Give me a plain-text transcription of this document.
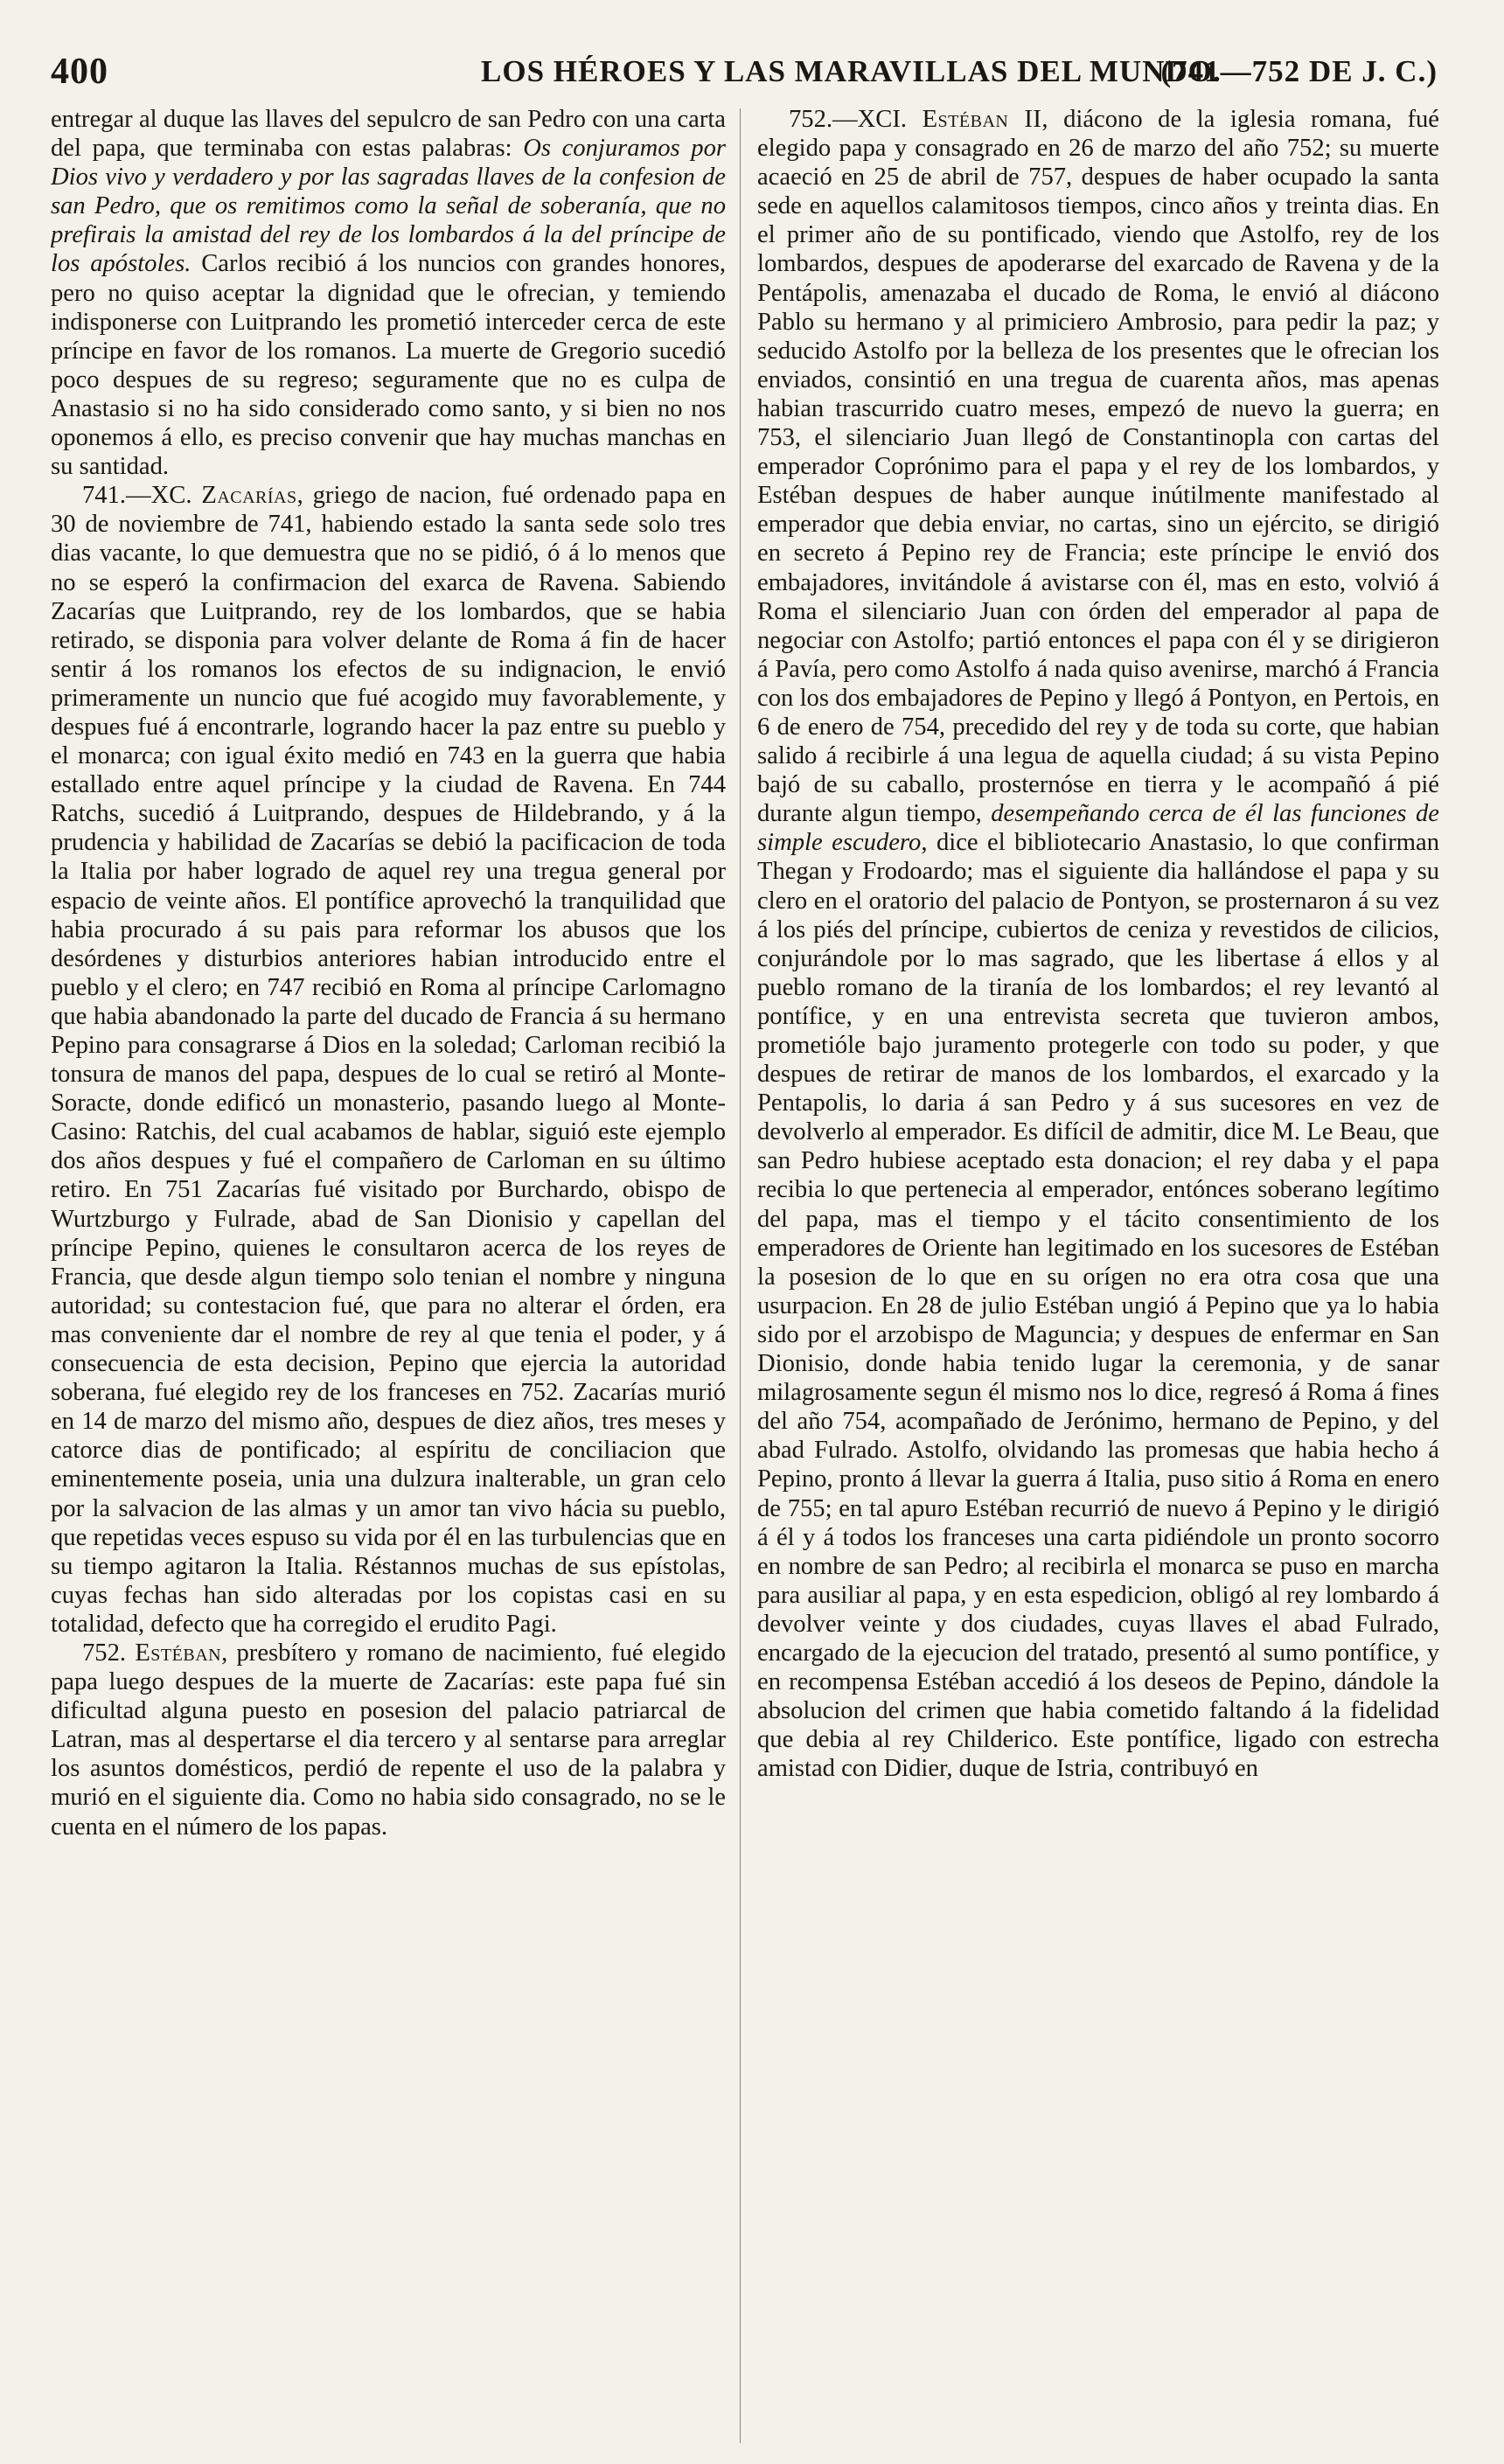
400	LOS HÉROES Y LAS MARAVILLAS DEL MUNDO.
(741—752 DE J. C.)

entregar al duque las llaves del sepulcro de san Pedro con una carta del papa, que terminaba con estas palabras: Os conjuramos por Dios vivo y verdadero y por las sagradas llaves de la confesion de san Pedro, que os remitimos como la señal de soberanía, que no prefirais la amistad del rey de los lombardos á la del príncipe de los apóstoles. Carlos recibió á los nuncios con grandes honores, pero no quiso aceptar la dignidad que le ofrecian, y temiendo indisponerse con Luitprando les prometió interceder cerca de este príncipe en favor de los romanos. La muerte de Gregorio sucedió poco despues de su regreso; seguramente que no es culpa de Anastasio si no ha sido considerado como santo, y si bien no nos oponemos á ello, es preciso convenir que hay muchas manchas en su santidad.

741.—XC. Zacarías, griego de nacion, fué ordenado papa en 30 de noviembre de 741, habiendo estado la santa sede solo tres dias vacante, lo que demuestra que no se pidió, ó á lo menos que no se esperó la confirmacion del exarca de Ravena. Sabiendo Zacarías que Luitprando, rey de los lombardos, que se habia retirado, se disponia para volver delante de Roma á fin de hacer sentir á los romanos los efectos de su indignacion, le envió primeramente un nuncio que fué acogido muy favorablemente, y despues fué á encontrarle, logrando hacer la paz entre su pueblo y el monarca; con igual éxito medió en 743 en la guerra que habia estallado entre aquel príncipe y la ciudad de Ravena. En 744 Ratchs, sucedió á Luitprando, despues de Hildebrando, y á la prudencia y habilidad de Zacarías se debió la pacificacion de toda la Italia por haber logrado de aquel rey una tregua general por espacio de veinte años. El pontífice aprovechó la tranquilidad que habia procurado á su pais para reformar los abusos que los desórdenes y disturbios anteriores habian introducido entre el pueblo y el clero; en 747 recibió en Roma al príncipe Carlomagno que habia abandonado la parte del ducado de Francia á su hermano Pepino para consagrarse á Dios en la soledad; Carloman recibió la tonsura de manos del papa, despues de lo cual se retiró al Monte-Soracte, donde edificó un monasterio, pasando luego al Monte-Casino: Ratchis, del cual acabamos de hablar, siguió este ejemplo dos años despues y fué el compañero de Carloman en su último retiro. En 751 Zacarías fué visitado por Burchardo, obispo de Wurtzburgo y Fulrade, abad de San Dionisio y capellan del príncipe Pepino, quienes le consultaron acerca de los reyes de Francia, que desde algun tiempo solo tenian el nombre y ninguna autoridad; su contestacion fué, que para no alterar el órden, era mas conveniente dar el nombre de rey al que tenia el poder, y á consecuencia de esta decision, Pepino que ejercia la autoridad soberana, fué elegido rey de los franceses en 752. Zacarías murió en 14 de marzo del mismo año, despues de diez años, tres meses y catorce dias de pontificado; al espíritu de conciliacion que eminentemente poseia, unia una dulzura inalterable, un gran celo por la salvacion de las almas y un amor tan vivo hácia su pueblo, que repetidas veces espuso su vida por él en las turbulencias que en su tiempo agitaron la Italia. Réstannos muchas de sus epístolas, cuyas fechas han sido alteradas por los copistas casi en su totalidad, defecto que ha corregido el erudito Pagi.

752. Estéban, presbítero y romano de nacimiento, fué elegido papa luego despues de la muerte de Zacarías: este papa fué sin dificultad alguna puesto en posesion del palacio patriarcal de Latran, mas al despertarse el dia tercero y al sentarse para arreglar los asuntos domésticos, perdió de repente el uso de la palabra y murió en el siguiente dia. Como no habia sido consagrado, no se le cuenta en el número de los papas.

752.—XCI. Estéban II, diácono de la iglesia romana, fué elegido papa y consagrado en 26 de marzo del año 752; su muerte acaeció en 25 de abril de 757, despues de haber ocupado la santa sede en aquellos calamitosos tiempos, cinco años y treinta dias. En el primer año de su pontificado, viendo que Astolfo, rey de los lombardos, despues de apoderarse del exarcado de Ravena y de la Pentápolis, amenazaba el ducado de Roma, le envió al diácono Pablo su hermano y al primiciero Ambrosio, para pedir la paz; y seducido Astolfo por la belleza de los presentes que le ofrecian los enviados, consintió en una tregua de cuarenta años, mas apenas habian trascurrido cuatro meses, empezó de nuevo la guerra; en 753, el silenciario Juan llegó de Constantinopla con cartas del emperador Coprónimo para el papa y el rey de los lombardos, y Estéban despues de haber aunque inútilmente manifestado al emperador que debia enviar, no cartas, sino un ejército, se dirigió en secreto á Pepino rey de Francia; este príncipe le envió dos embajadores, invitándole á avistarse con él, mas en esto, volvió á Roma el silenciario Juan con órden del emperador al papa de negociar con Astolfo; partió entonces el papa con él y se dirigieron á Pavía, pero como Astolfo á nada quiso avenirse, marchó á Francia con los dos embajadores de Pepino y llegó á Pontyon, en Pertois, en 6 de enero de 754, precedido del rey y de toda su corte, que habian salido á recibirle á una legua de aquella ciudad; á su vista Pepino bajó de su caballo, prosternóse en tierra y le acompañó á pié durante algun tiempo, desempeñando cerca de él las funciones de simple escudero, dice el bibliotecario Anastasio, lo que confirman Thegan y Frodoardo; mas el siguiente dia hallándose el papa y su clero en el oratorio del palacio de Pontyon, se prosternaron á su vez á los piés del príncipe, cubiertos de ceniza y revestidos de cilicios, conjurándole por lo mas sagrado, que les libertase á ellos y al pueblo romano de la tiranía de los lombardos; el rey levantó al pontífice, y en una entrevista secreta que tuvieron ambos, prometióle bajo juramento protegerle con todo su poder, y que despues de retirar de manos de los lombardos, el exarcado y la Pentapolis, lo daria á san Pedro y á sus sucesores en vez de devolverlo al emperador. Es difícil de admitir, dice M. Le Beau, que san Pedro hubiese aceptado esta donacion; el rey daba y el papa recibia lo que pertenecia al emperador, entónces soberano legítimo del papa, mas el tiempo y el tácito consentimiento de los emperadores de Oriente han legitimado en los sucesores de Estéban la posesion de lo que en su orígen no era otra cosa que una usurpacion. En 28 de julio Estéban ungió á Pepino que ya lo habia sido por el arzobispo de Maguncia; y despues de enfermar en San Dionisio, donde habia tenido lugar la ceremonia, y de sanar milagrosamente segun él mismo nos lo dice, regresó á Roma á fines del año 754, acompañado de Jerónimo, hermano de Pepino, y del abad Fulrado. Astolfo, olvidando las promesas que habia hecho á Pepino, pronto á llevar la guerra á Italia, puso sitio á Roma en enero de 755; en tal apuro Estéban recurrió de nuevo á Pepino y le dirigió á él y á todos los franceses una carta pidiéndole un pronto socorro en nombre de san Pedro; al recibirla el monarca se puso en marcha para ausiliar al papa, y en esta espedicion, obligó al rey lombardo á devolver veinte y dos ciudades, cuyas llaves el abad Fulrado, encargado de la ejecucion del tratado, presentó al sumo pontífice, y en recompensa Estéban accedió á los deseos de Pepino, dándole la absolucion del crimen que habia cometido faltando á la fidelidad que debia al rey Childerico. Este pontífice, ligado con estrecha amistad con Didier, duque de Istria, contribuyó en
